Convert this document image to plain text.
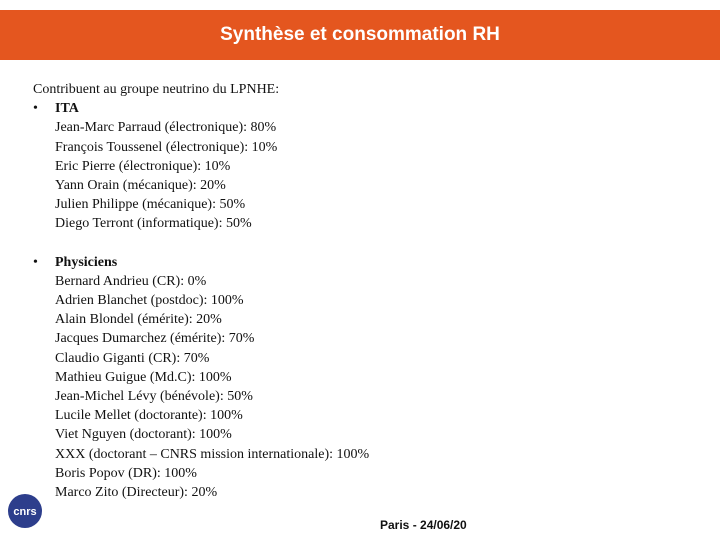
Synthèse et consommation RH

Contribuent au groupe neutrino du LPNHE:

•	ITA
Jean-Marc Parraud (électronique): 80%
François Toussenel (électronique): 10%
Eric Pierre (électronique): 10%
Yann Orain (mécanique): 20%
Julien Philippe (mécanique): 50%
Diego Terront (informatique): 50%
•	Physiciens
Bernard Andrieu (CR): 0%
Adrien Blanchet (postdoc): 100%
Alain Blondel (émérite): 20%
Jacques Dumarchez (émérite): 70%
Claudio Giganti (CR): 70%
Mathieu Guigue (Md.C): 100%
Jean-Michel Lévy (bénévole): 50%
Lucile Mellet (doctorante): 100%
Viet Nguyen (doctorant): 100%
XXX (doctorant – CNRS mission internationale): 100%
Boris Popov (DR): 100%
Marco Zito (Directeur): 20%
cnrs
Paris - 24/06/20
